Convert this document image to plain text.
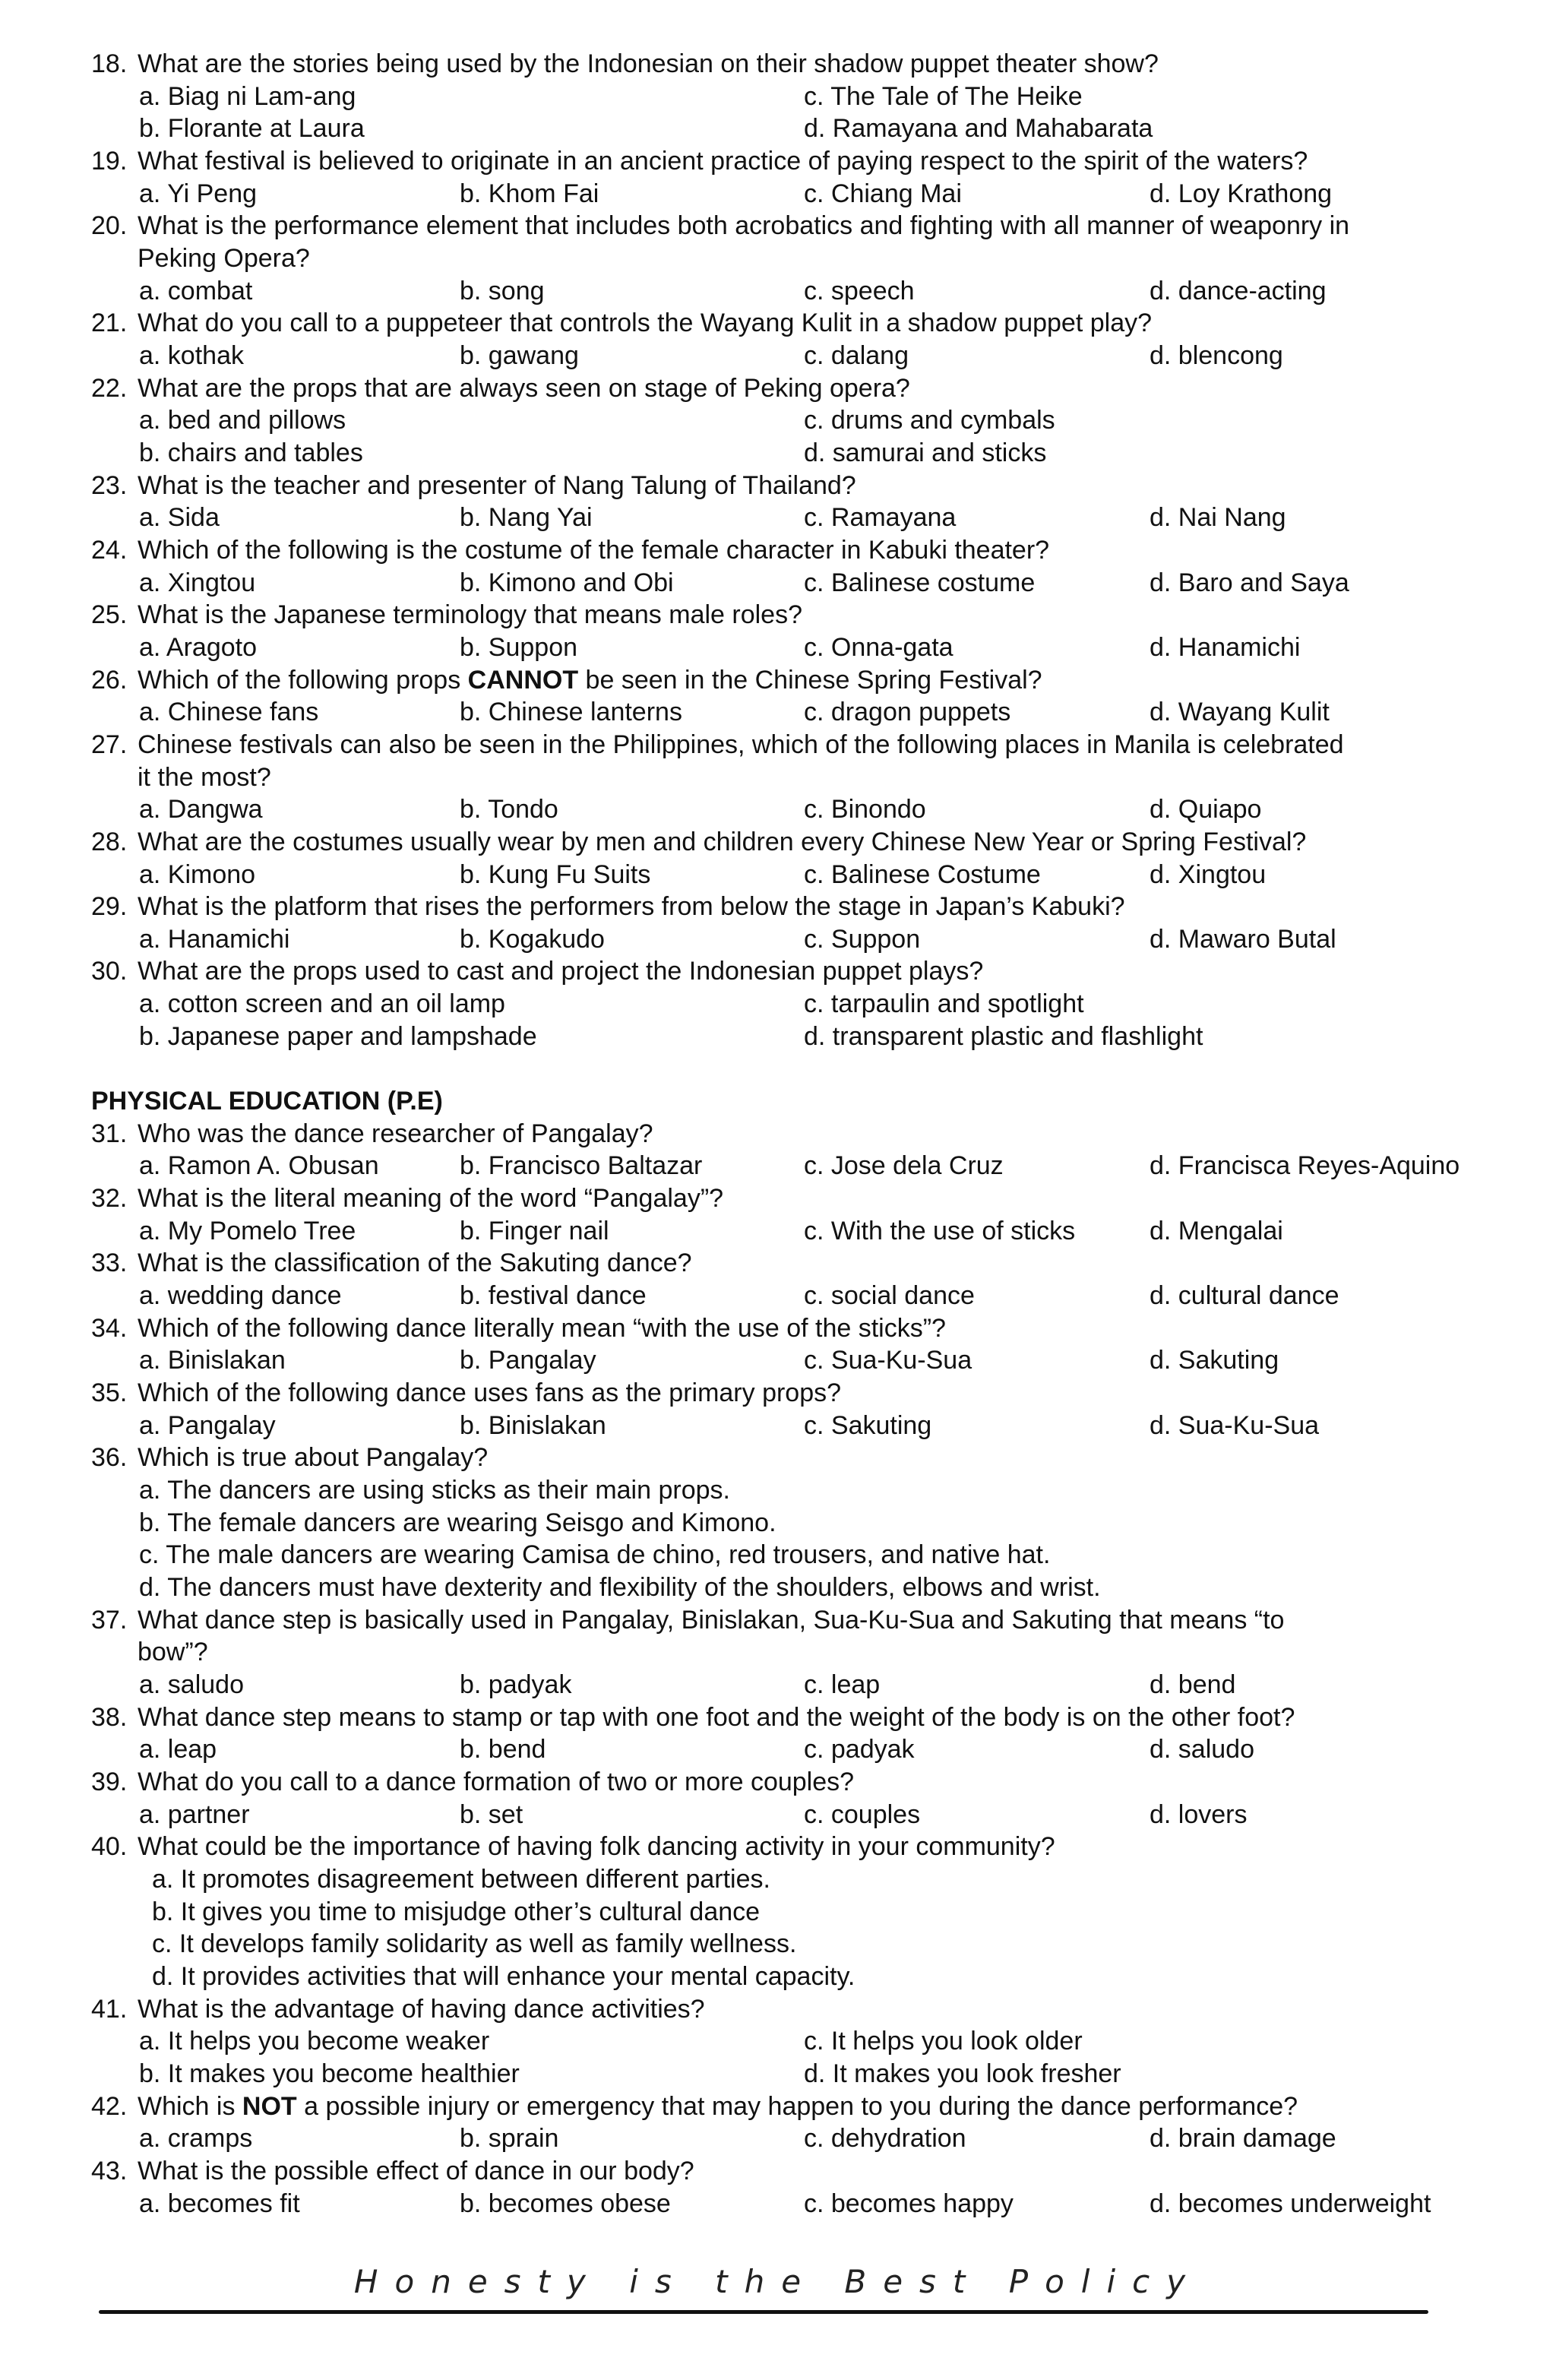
18. What are the stories being used by the Indonesian on their shadow puppet theater show?
a. Biag ni Lam-ang	c. The Tale of The Heike
b. Florante at Laura	d. Ramayana and Mahabarata
19. What festival is believed to originate in an ancient practice of paying respect to the spirit of the waters?
a. Yi Peng	b. Khom Fai	c. Chiang Mai	d. Loy Krathong
20. What is the performance element that includes both acrobatics and fighting with all manner of weaponry in
Peking Opera?
a. combat	b. song	c. speech	d. dance-acting
21. What do you call to a puppeteer that controls the Wayang Kulit in a shadow puppet play?
a. kothak	b. gawang	c. dalang	d. blencong
22. What are the props that are always seen on stage of Peking opera?
a. bed and pillows	c. drums and cymbals
b. chairs and tables	d. samurai and sticks
23. What is the teacher and presenter of Nang Talung of Thailand?
a. Sida	b. Nang Yai	c. Ramayana	d. Nai Nang
24. Which of the following is the costume of the female character in Kabuki theater?
a. Xingtou	b. Kimono and Obi	c. Balinese costume	d. Baro and Saya
25. What is the Japanese terminology that means male roles?
a. Aragoto	b. Suppon	c. Onna-gata	d. Hanamichi
26. Which of the following props CANNOT be seen in the Chinese Spring Festival?
a. Chinese fans	b. Chinese lanterns	c. dragon puppets	d. Wayang Kulit
27. Chinese festivals can also be seen in the Philippines, which of the following places in Manila is celebrated
it the most?
a. Dangwa	b. Tondo	c. Binondo	d. Quiapo
28. What are the costumes usually wear by men and children every Chinese New Year or Spring Festival?
a. Kimono	b. Kung Fu Suits	c. Balinese Costume	d. Xingtou
29. What is the platform that rises the performers from below the stage in Japan’s Kabuki?
a. Hanamichi	b. Kogakudo	c. Suppon	d. Mawaro Butal
30. What are the props used to cast and project the Indonesian puppet plays?
a. cotton screen and an oil lamp	c. tarpaulin and spotlight
b. Japanese paper and lampshade	d. transparent plastic and flashlight
PHYSICAL EDUCATION (P.E)
31. Who was the dance researcher of Pangalay?
a. Ramon A. Obusan	b. Francisco Baltazar	c. Jose dela Cruz	d. Francisca Reyes-Aquino
32. What is the literal meaning of the word “Pangalay”?
a. My Pomelo Tree	b. Finger nail	c. With the use of sticks	d. Mengalai
33. What is the classification of the Sakuting dance?
a. wedding dance	b. festival dance	c. social dance	d. cultural dance
34. Which of the following dance literally mean “with the use of the sticks”?
a. Binislakan	b. Pangalay	c. Sua-Ku-Sua	d. Sakuting
35. Which of the following dance uses fans as the primary props?
a. Pangalay	b. Binislakan	c. Sakuting	d. Sua-Ku-Sua
36. Which is true about Pangalay?
a. The dancers are using sticks as their main props.
b. The female dancers are wearing Seisgo and Kimono.
c. The male dancers are wearing Camisa de chino, red trousers, and native hat.
d. The dancers must have dexterity and flexibility of the shoulders, elbows and wrist.
37. What dance step is basically used in Pangalay, Binislakan, Sua-Ku-Sua and Sakuting that means “to
bow”?
a. saludo	b. padyak	c. leap	d. bend
38. What dance step means to stamp or tap with one foot and the weight of the body is on the other foot?
a. leap	b. bend	c. padyak	d. saludo
39. What do you call to a dance formation of two or more couples?
a. partner	b. set	c. couples	d. lovers
40. What could be the importance of having folk dancing activity in your community?
a. It promotes disagreement between different parties.
b. It gives you time to misjudge other’s cultural dance
c. It develops family solidarity as well as family wellness.
d. It provides activities that will enhance your mental capacity.
41. What is the advantage of having dance activities?
a. It helps you become weaker	c. It helps you look older
b. It makes you become healthier	d. It makes you look fresher
42. Which is NOT a possible injury or emergency that may happen to you during the dance performance?
a. cramps	b. sprain	c. dehydration	d. brain damage
43. What is the possible effect of dance in our body?
a. becomes fit	b. becomes obese	c. becomes happy	d. becomes underweight
Honesty is the Best Policy
